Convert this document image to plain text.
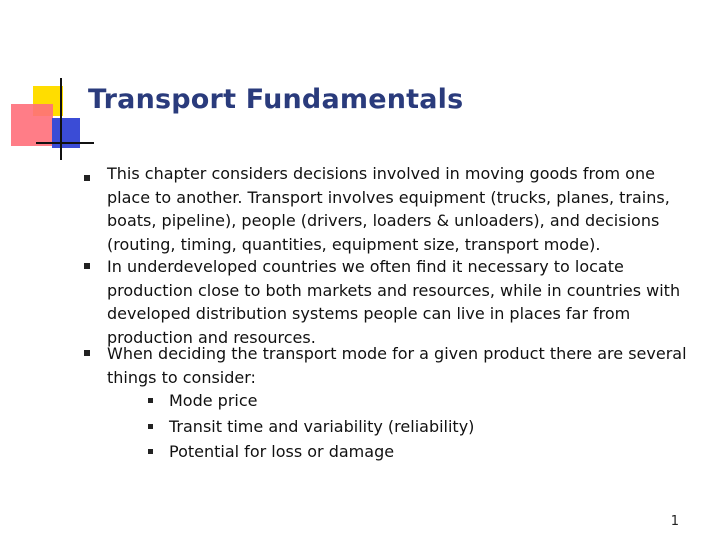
Transport Fundamentals
This chapter considers decisions involved in moving goods from one place to another. Transport involves equipment (trucks, planes, trains, boats, pipeline), people (drivers, loaders & unloaders), and decisions (routing, timing, quantities, equipment size, transport mode).
In underdeveloped countries we often find it necessary to locate production close to both markets and resources, while in countries with developed distribution systems people can live in places far from production and resources.
When deciding the transport mode for a given product there are several things to consider:
Mode price
Transit time and variability (reliability)
Potential for loss or damage
1
